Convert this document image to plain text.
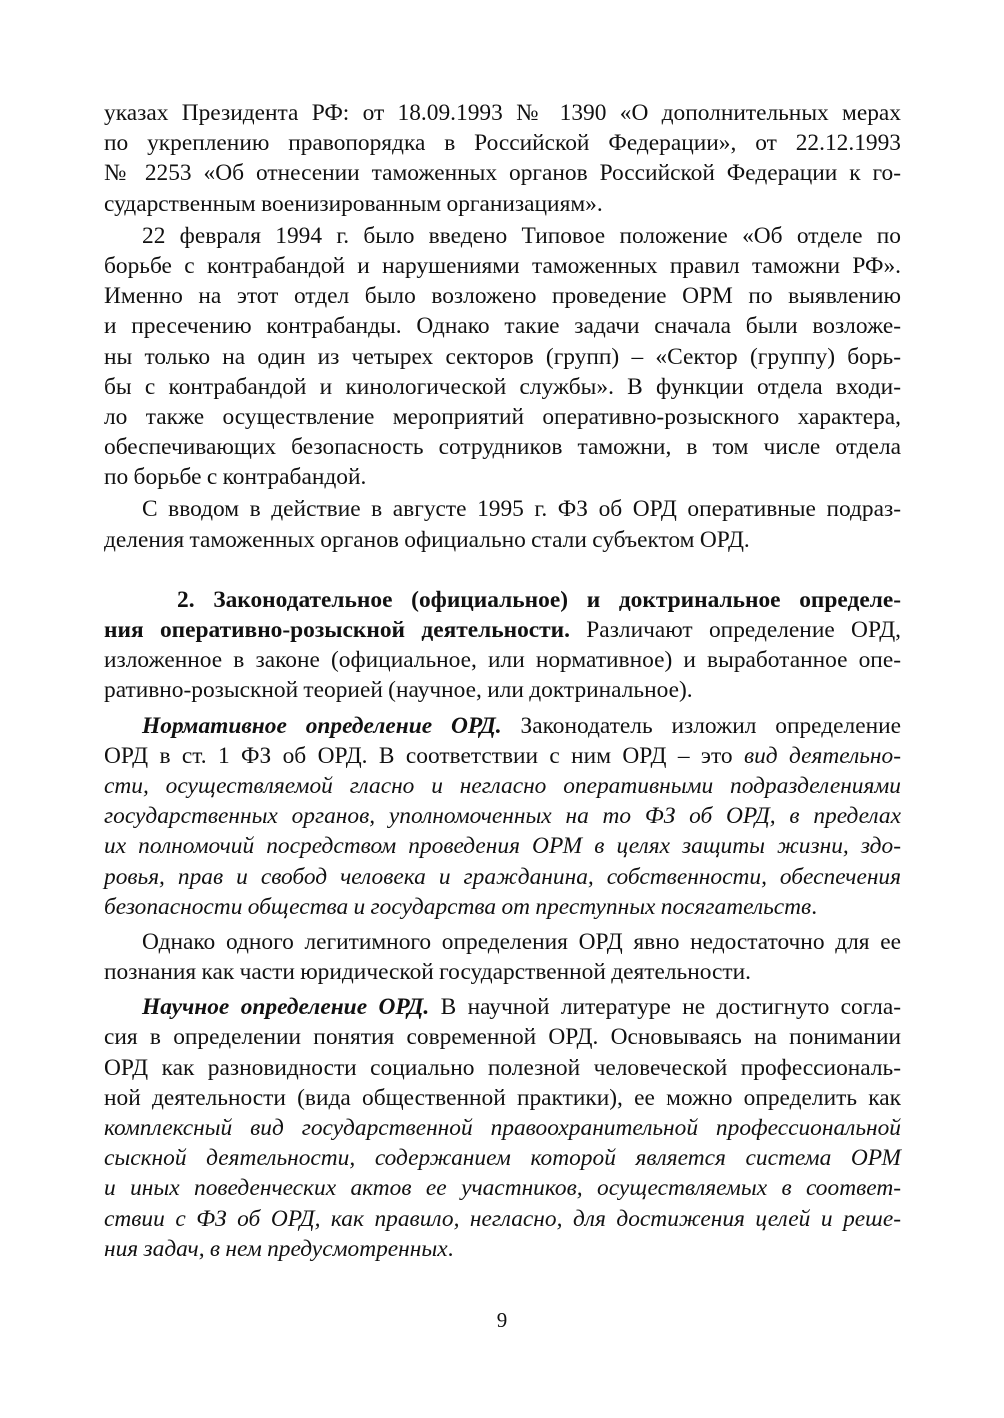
указах Президента РФ: от 18.09.1993 № 1390 «О дополнительных мерах
по укреплению правопорядка в Российской Федерации», от 22.12.1993
№ 2253 «Об отнесении таможенных органов Российской Федерации к го-
сударственным военизированным организациям».
22 февраля 1994 г. было введено Типовое положение «Об отделе по
борьбе с контрабандой и нарушениями таможенных правил таможни РФ».
Именно на этот отдел было возложено проведение ОРМ по выявлению
и пресечению контрабанды. Однако такие задачи сначала были возложе-
ны только на один из четырех секторов (групп) – «Сектор (группу) борь-
бы с контрабандой и кинологической службы». В функции отдела входи-
ло также осуществление мероприятий оперативно-розыскного характера,
обеспечивающих безопасность сотрудников таможни, в том числе отдела
по борьбе с контрабандой.
С вводом в действие в августе 1995 г. ФЗ об ОРД оперативные подраз-
деления таможенных органов официально стали субъектом ОРД.
2. Законодательное (официальное) и доктринальное определе-
ния оперативно-розыскной деятельности. Различают определение ОРД,
изложенное в законе (официальное, или нормативное) и выработанное опе-
ративно-розыскной теорией (научное, или доктринальное).
Нормативное определение ОРД. Законодатель изложил определение
ОРД в ст. 1 ФЗ об ОРД. В соответствии с ним ОРД – это вид деятельно-
сти, осуществляемой гласно и негласно оперативными подразделениями
государственных органов, уполномоченных на то ФЗ об ОРД, в пределах
их полномочий посредством проведения ОРМ в целях защиты жизни, здо-
ровья, прав и свобод человека и гражданина, собственности, обеспечения
безопасности общества и государства от преступных посягательств.
Однако одного легитимного определения ОРД явно недостаточно для ее
познания как части юридической государственной деятельности.
Научное определение ОРД. В научной литературе не достигнуто согла-
сия в определении понятия современной ОРД. Основываясь на понимании
ОРД как разновидности социально полезной человеческой профессиональ-
ной деятельности (вида общественной практики), ее можно определить как
комплексный вид государственной правоохранительной профессиональной
сыскной деятельности, содержанием которой является система ОРМ
и иных поведенческих актов ее участников, осуществляемых в соответ-
ствии с ФЗ об ОРД, как правило, негласно, для достижения целей и реше-
ния задач, в нем предусмотренных.
9
